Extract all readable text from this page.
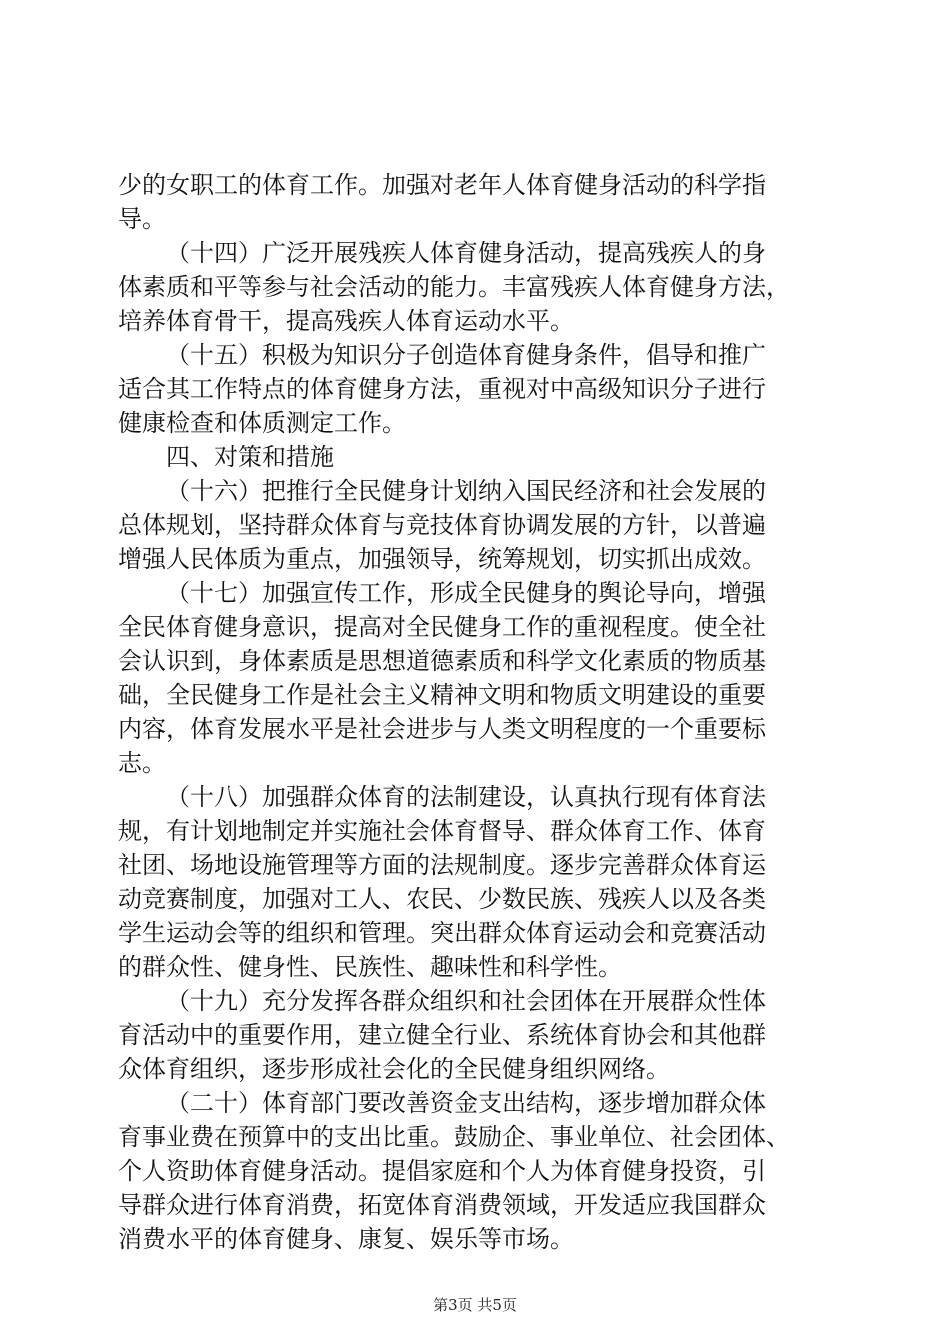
少的女职工的体育工作。加强对老年人体育健身活动的科学指
导。
（十四）广泛开展残疾人体育健身活动，提高残疾人的身
体素质和平等参与社会活动的能力。丰富残疾人体育健身方法，
培养体育骨干，提高残疾人体育运动水平。
（十五）积极为知识分子创造体育健身条件，倡导和推广
适合其工作特点的体育健身方法，重视对中高级知识分子进行
健康检查和体质测定工作。
四、对策和措施
（十六）把推行全民健身计划纳入国民经济和社会发展的
总体规划，坚持群众体育与竞技体育协调发展的方针，以普遍
增强人民体质为重点，加强领导，统筹规划，切实抓出成效。
（十七）加强宣传工作，形成全民健身的舆论导向，增强
全民体育健身意识，提高对全民健身工作的重视程度。使全社
会认识到，身体素质是思想道德素质和科学文化素质的物质基
础，全民健身工作是社会主义精神文明和物质文明建设的重要
内容，体育发展水平是社会进步与人类文明程度的一个重要标
志。
（十八）加强群众体育的法制建设，认真执行现有体育法
规，有计划地制定并实施社会体育督导、群众体育工作、体育
社团、场地设施管理等方面的法规制度。逐步完善群众体育运
动竞赛制度，加强对工人、农民、少数民族、残疾人以及各类
学生运动会等的组织和管理。突出群众体育运动会和竞赛活动
的群众性、健身性、民族性、趣味性和科学性。
（十九）充分发挥各群众组织和社会团体在开展群众性体
育活动中的重要作用，建立健全行业、系统体育协会和其他群
众体育组织，逐步形成社会化的全民健身组织网络。
（二十）体育部门要改善资金支出结构，逐步增加群众体
育事业费在预算中的支出比重。鼓励企、事业单位、社会团体、
个人资助体育健身活动。提倡家庭和个人为体育健身投资，引
导群众进行体育消费，拓宽体育消费领域，开发适应我国群众
消费水平的体育健身、康复、娱乐等市场。
第3页 共5页
